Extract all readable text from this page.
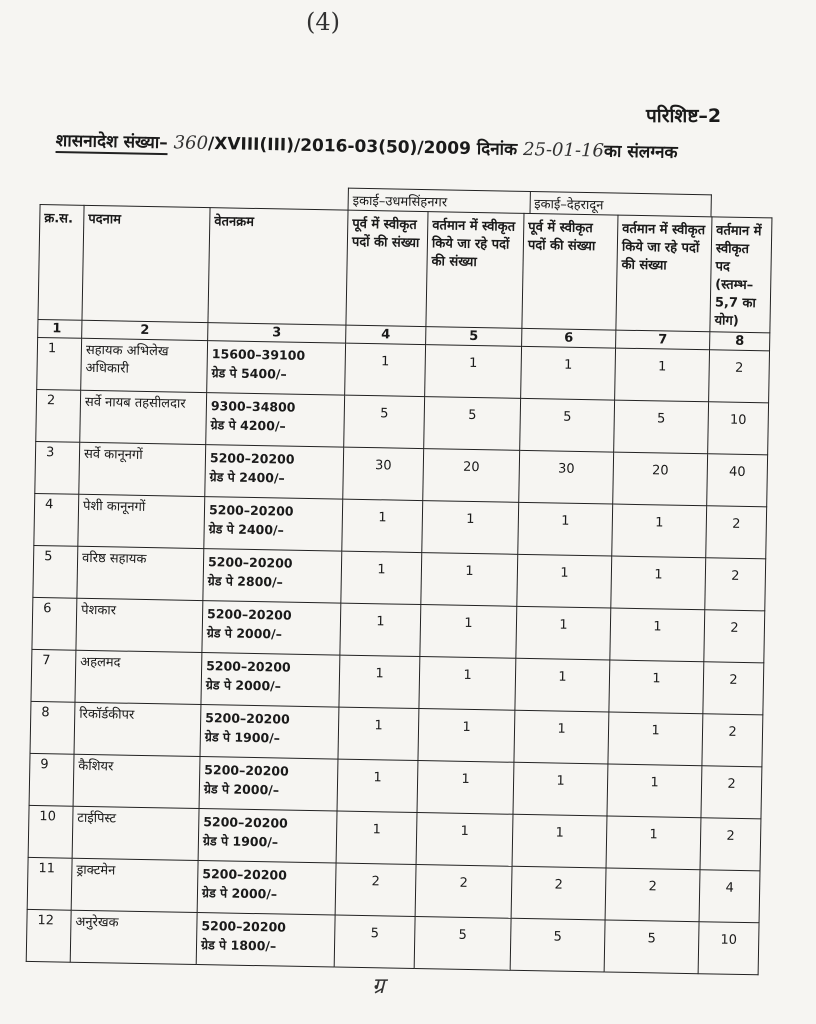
(4)
परिशिष्ट–2
शासनादेश संख्या– 360/XVIII(III)/2016-03(50)/2009 दिनांक 25-01-16का संलग्नक
इकाई–उधमसिंहनगर	इकाई–देहरादून
क्र.स.	पदनाम	वेतनक्रम	पूर्व में स्वीकृत पदों की संख्या	वर्तमान में स्वीकृत किये जा रहे पदों की संख्या	पूर्व में स्वीकृत पदों की संख्या	वर्तमान में स्वीकृत किये जा रहे पदों की संख्या	वर्तमान में स्वीकृत पद (स्तम्भ–5,7 का योग)
1	2	3	4	5	6	7	8
1	सहायक अभिलेख अधिकारी	15600–39100
ग्रेड पे 5400/–	1	1	1	1	2
2	सर्वे नायब तहसीलदार	9300–34800
ग्रेड पे 4200/–	5	5	5	5	10
3	सर्वे कानूनगों	5200–20200
ग्रेड पे 2400/–	30	20	30	20	40
4	पेशी कानूनगों	5200–20200
ग्रेड पे 2400/–	1	1	1	1	2
5	वरिष्ठ सहायक	5200–20200
ग्रेड पे 2800/–	1	1	1	1	2
6	पेशकार	5200–20200
ग्रेड पे 2000/–	1	1	1	1	2
7	अहलमद	5200–20200
ग्रेड पे 2000/–	1	1	1	1	2
8	रिकॉर्डकीपर	5200–20200
ग्रेड पे 1900/–	1	1	1	1	2
9	कैशियर	5200–20200
ग्रेड पे 2000/–	1	1	1	1	2
10	टाईपिस्ट	5200–20200
ग्रेड पे 1900/–	1	1	1	1	2
11	ड्राक्टमेन	5200–20200
ग्रेड पे 2000/–	2	2	2	2	4
12	अनुरेखक	5200–20200
ग्रेड पे 1800/–	5	5	5	5	10
ग्र
